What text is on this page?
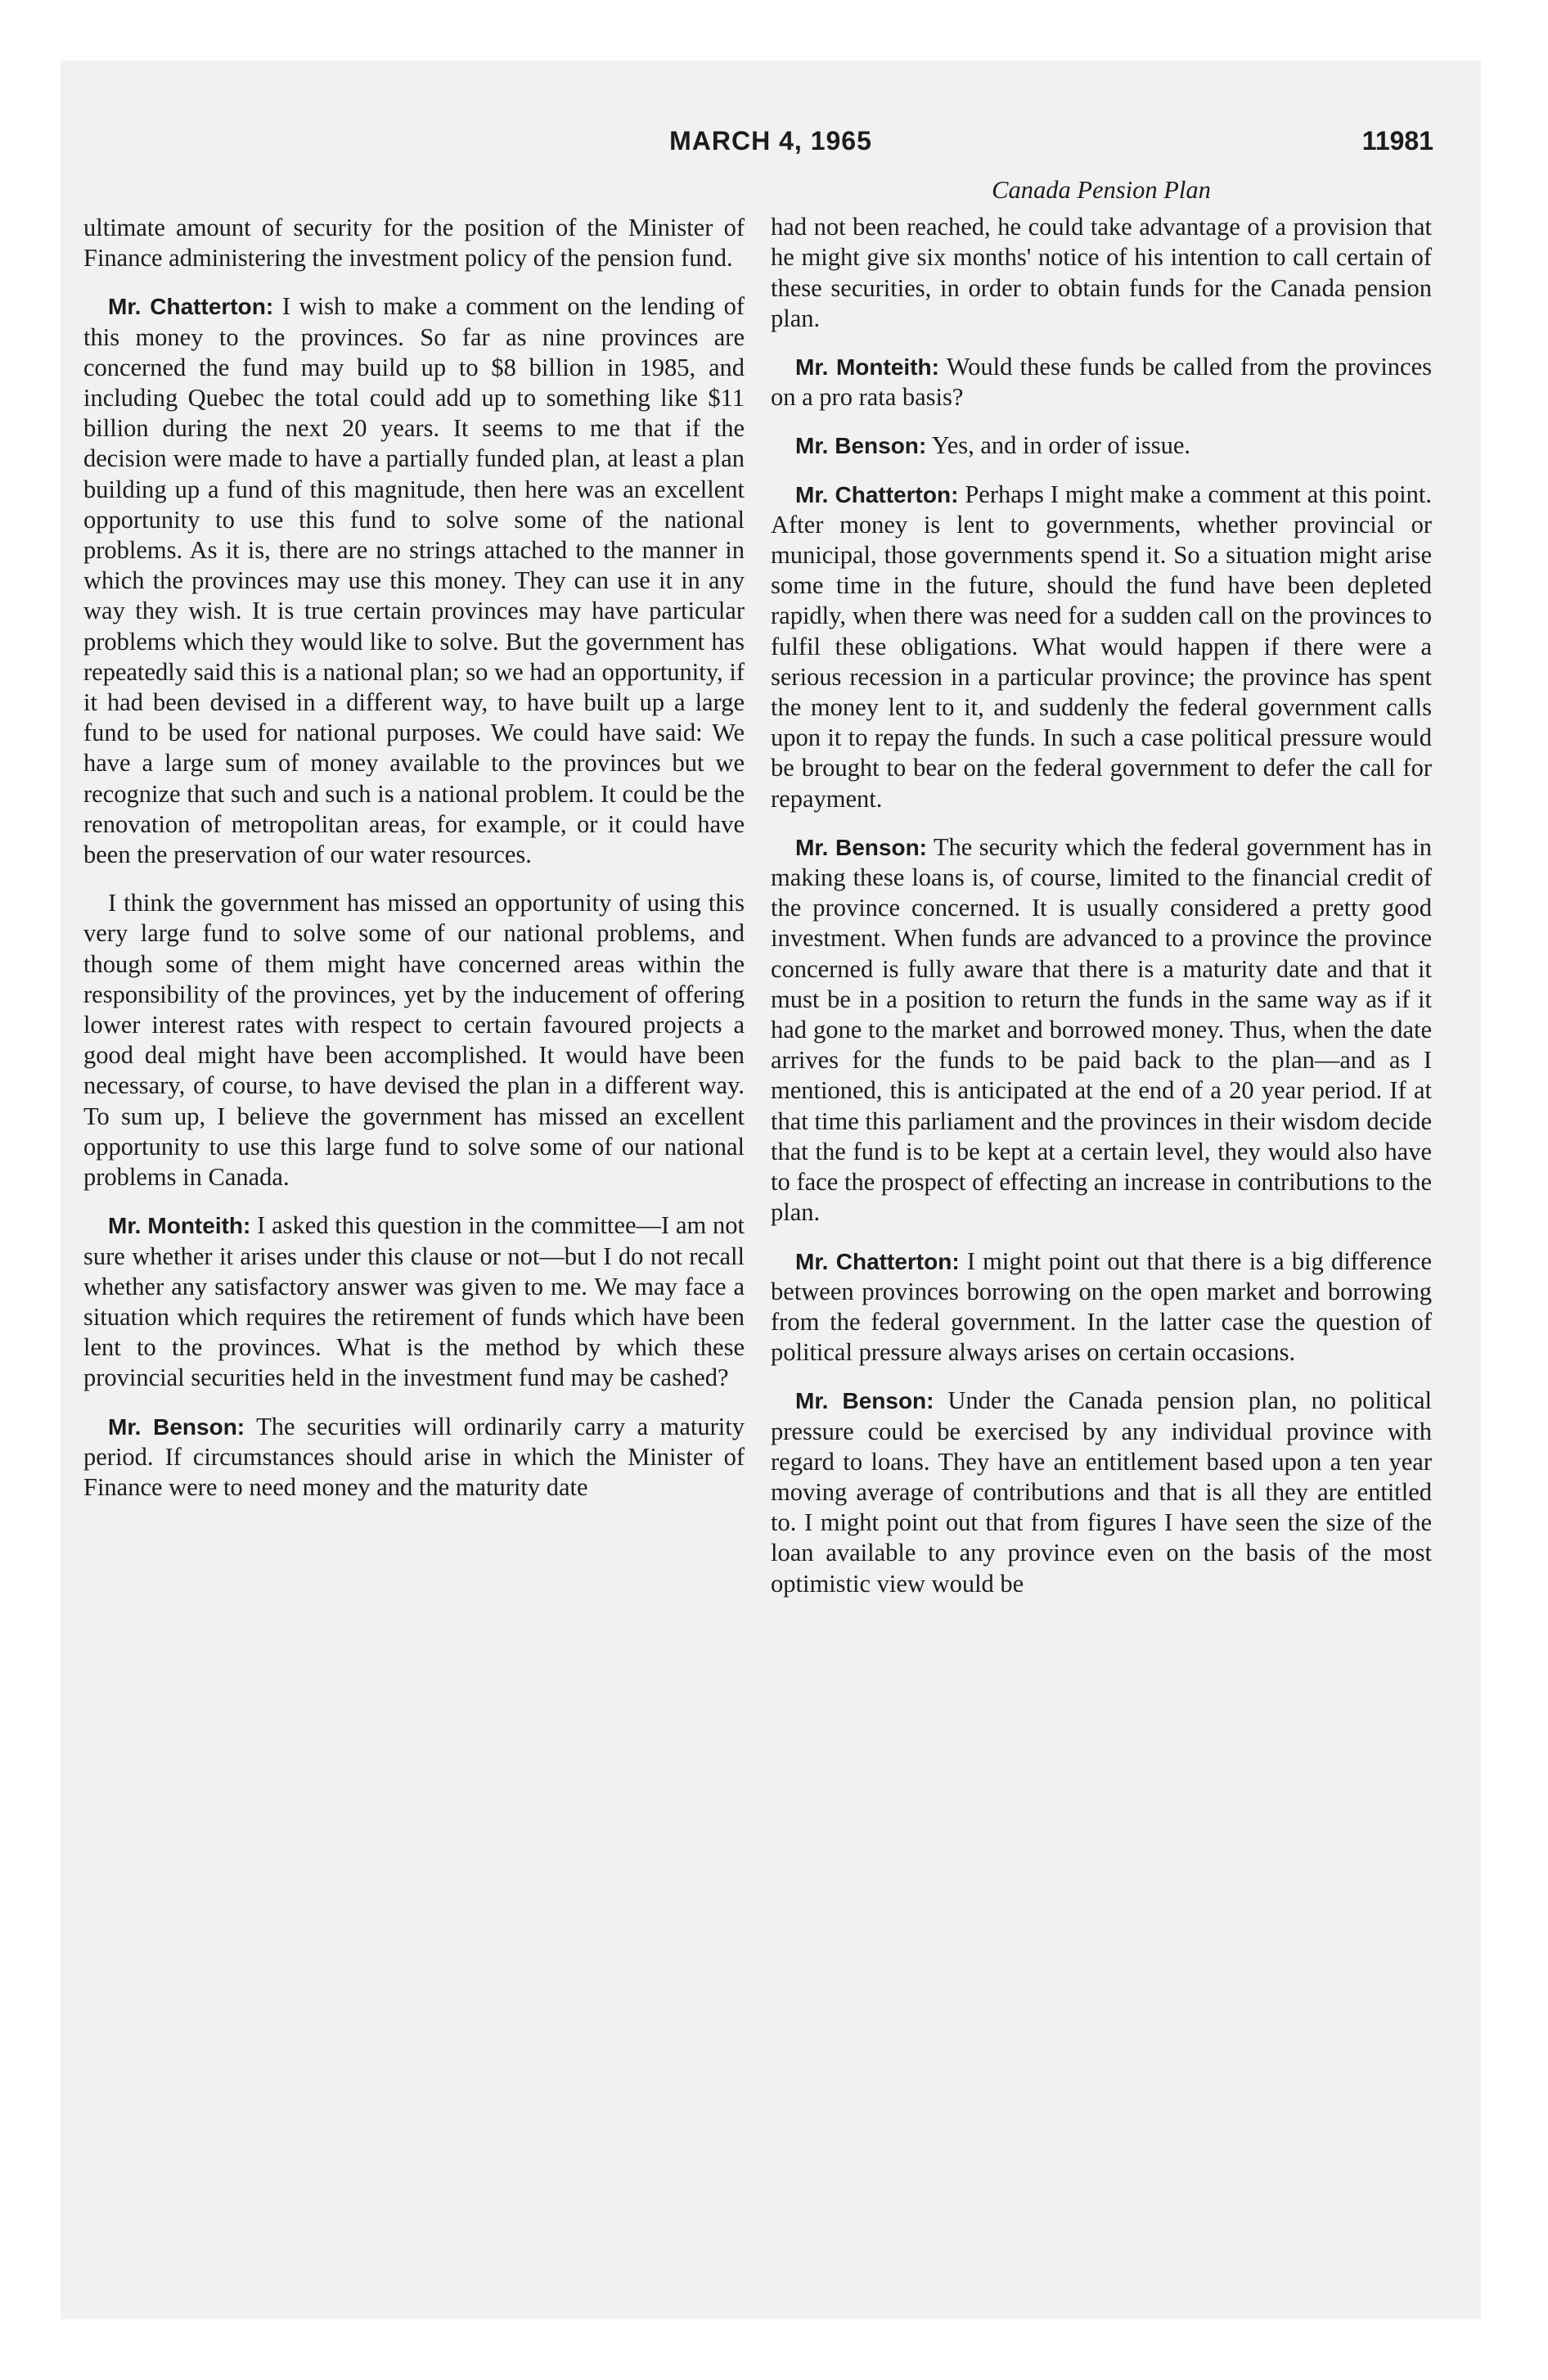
MARCH 4, 1965	11981

ultimate amount of security for the position of the Minister of Finance administering the investment policy of the pension fund.

Mr. Chatterton: I wish to make a comment on the lending of this money to the provinces. So far as nine provinces are concerned the fund may build up to $8 billion in 1985, and including Quebec the total could add up to something like $11 billion during the next 20 years. It seems to me that if the decision were made to have a partially funded plan, at least a plan building up a fund of this magnitude, then here was an excellent opportunity to use this fund to solve some of the national problems. As it is, there are no strings attached to the manner in which the provinces may use this money. They can use it in any way they wish. It is true certain provinces may have particular problems which they would like to solve. But the government has repeatedly said this is a national plan; so we had an opportunity, if it had been devised in a different way, to have built up a large fund to be used for national purposes. We could have said: We have a large sum of money available to the provinces but we recognize that such and such is a national problem. It could be the renovation of metropolitan areas, for example, or it could have been the preservation of our water resources.

I think the government has missed an opportunity of using this very large fund to solve some of our national problems, and though some of them might have concerned areas within the responsibility of the provinces, yet by the inducement of offering lower interest rates with respect to certain favoured projects a good deal might have been accomplished. It would have been necessary, of course, to have devised the plan in a different way. To sum up, I believe the government has missed an excellent opportunity to use this large fund to solve some of our national problems in Canada.

Mr. Monteith: I asked this question in the committee—I am not sure whether it arises under this clause or not—but I do not recall whether any satisfactory answer was given to me. We may face a situation which requires the retirement of funds which have been lent to the provinces. What is the method by which these provincial securities held in the investment fund may be cashed?

Mr. Benson: The securities will ordinarily carry a maturity period. If circumstances should arise in which the Minister of Finance were to need money and the maturity date

Canada Pension Plan

had not been reached, he could take advantage of a provision that he might give six months' notice of his intention to call certain of these securities, in order to obtain funds for the Canada pension plan.

Mr. Monteith: Would these funds be called from the provinces on a pro rata basis?

Mr. Benson: Yes, and in order of issue.

Mr. Chatterton: Perhaps I might make a comment at this point. After money is lent to governments, whether provincial or municipal, those governments spend it. So a situation might arise some time in the future, should the fund have been depleted rapidly, when there was need for a sudden call on the provinces to fulfil these obligations. What would happen if there were a serious recession in a particular province; the province has spent the money lent to it, and suddenly the federal government calls upon it to repay the funds. In such a case political pressure would be brought to bear on the federal government to defer the call for repayment.

Mr. Benson: The security which the federal government has in making these loans is, of course, limited to the financial credit of the province concerned. It is usually considered a pretty good investment. When funds are advanced to a province the province concerned is fully aware that there is a maturity date and that it must be in a position to return the funds in the same way as if it had gone to the market and borrowed money. Thus, when the date arrives for the funds to be paid back to the plan—and as I mentioned, this is anticipated at the end of a 20 year period. If at that time this parliament and the provinces in their wisdom decide that the fund is to be kept at a certain level, they would also have to face the prospect of effecting an increase in contributions to the plan.

Mr. Chatterton: I might point out that there is a big difference between provinces borrowing on the open market and borrowing from the federal government. In the latter case the question of political pressure always arises on certain occasions.

Mr. Benson: Under the Canada pension plan, no political pressure could be exercised by any individual province with regard to loans. They have an entitlement based upon a ten year moving average of contributions and that is all they are entitled to. I might point out that from figures I have seen the size of the loan available to any province even on the basis of the most optimistic view would be
